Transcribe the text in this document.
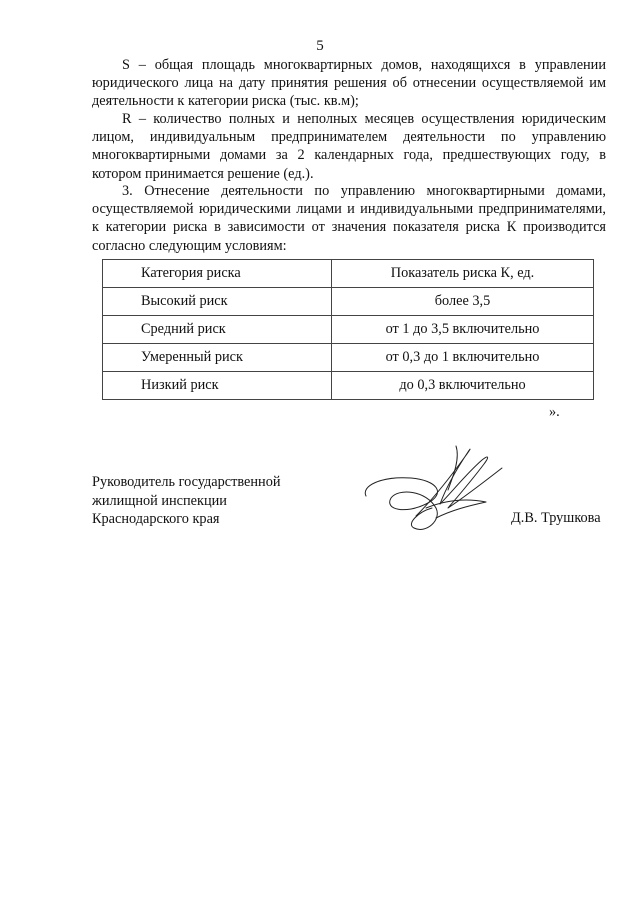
5

S – общая площадь многоквартирных домов, находящихся в управлении юридического лица на дату принятия решения об отнесении осуществляемой им деятельности к категории риска (тыс. кв.м);

R – количество полных и неполных месяцев осуществления юридическим лицом, индивидуальным предпринимателем деятельности по управлению многоквартирными домами за 2 календарных года, предшествующих году, в котором принимается решение (ед.).

3. Отнесение деятельности по управлению многоквартирными домами, осуществляемой юридическими лицами и индивидуальными предпринимателями, к категории риска в зависимости от значения показателя риска К производится согласно следующим условиям:

Категория риска	Показатель риска К, ед.
Высокий риск	более 3,5
Средний риск	от 1 до 3,5 включительно
Умеренный риск	от 0,3 до 1 включительно
Низкий риск	до 0,3 включительно
».
Руководитель государственной
жилищной инспекции
Краснодарского края	Д.В. Трушкова
